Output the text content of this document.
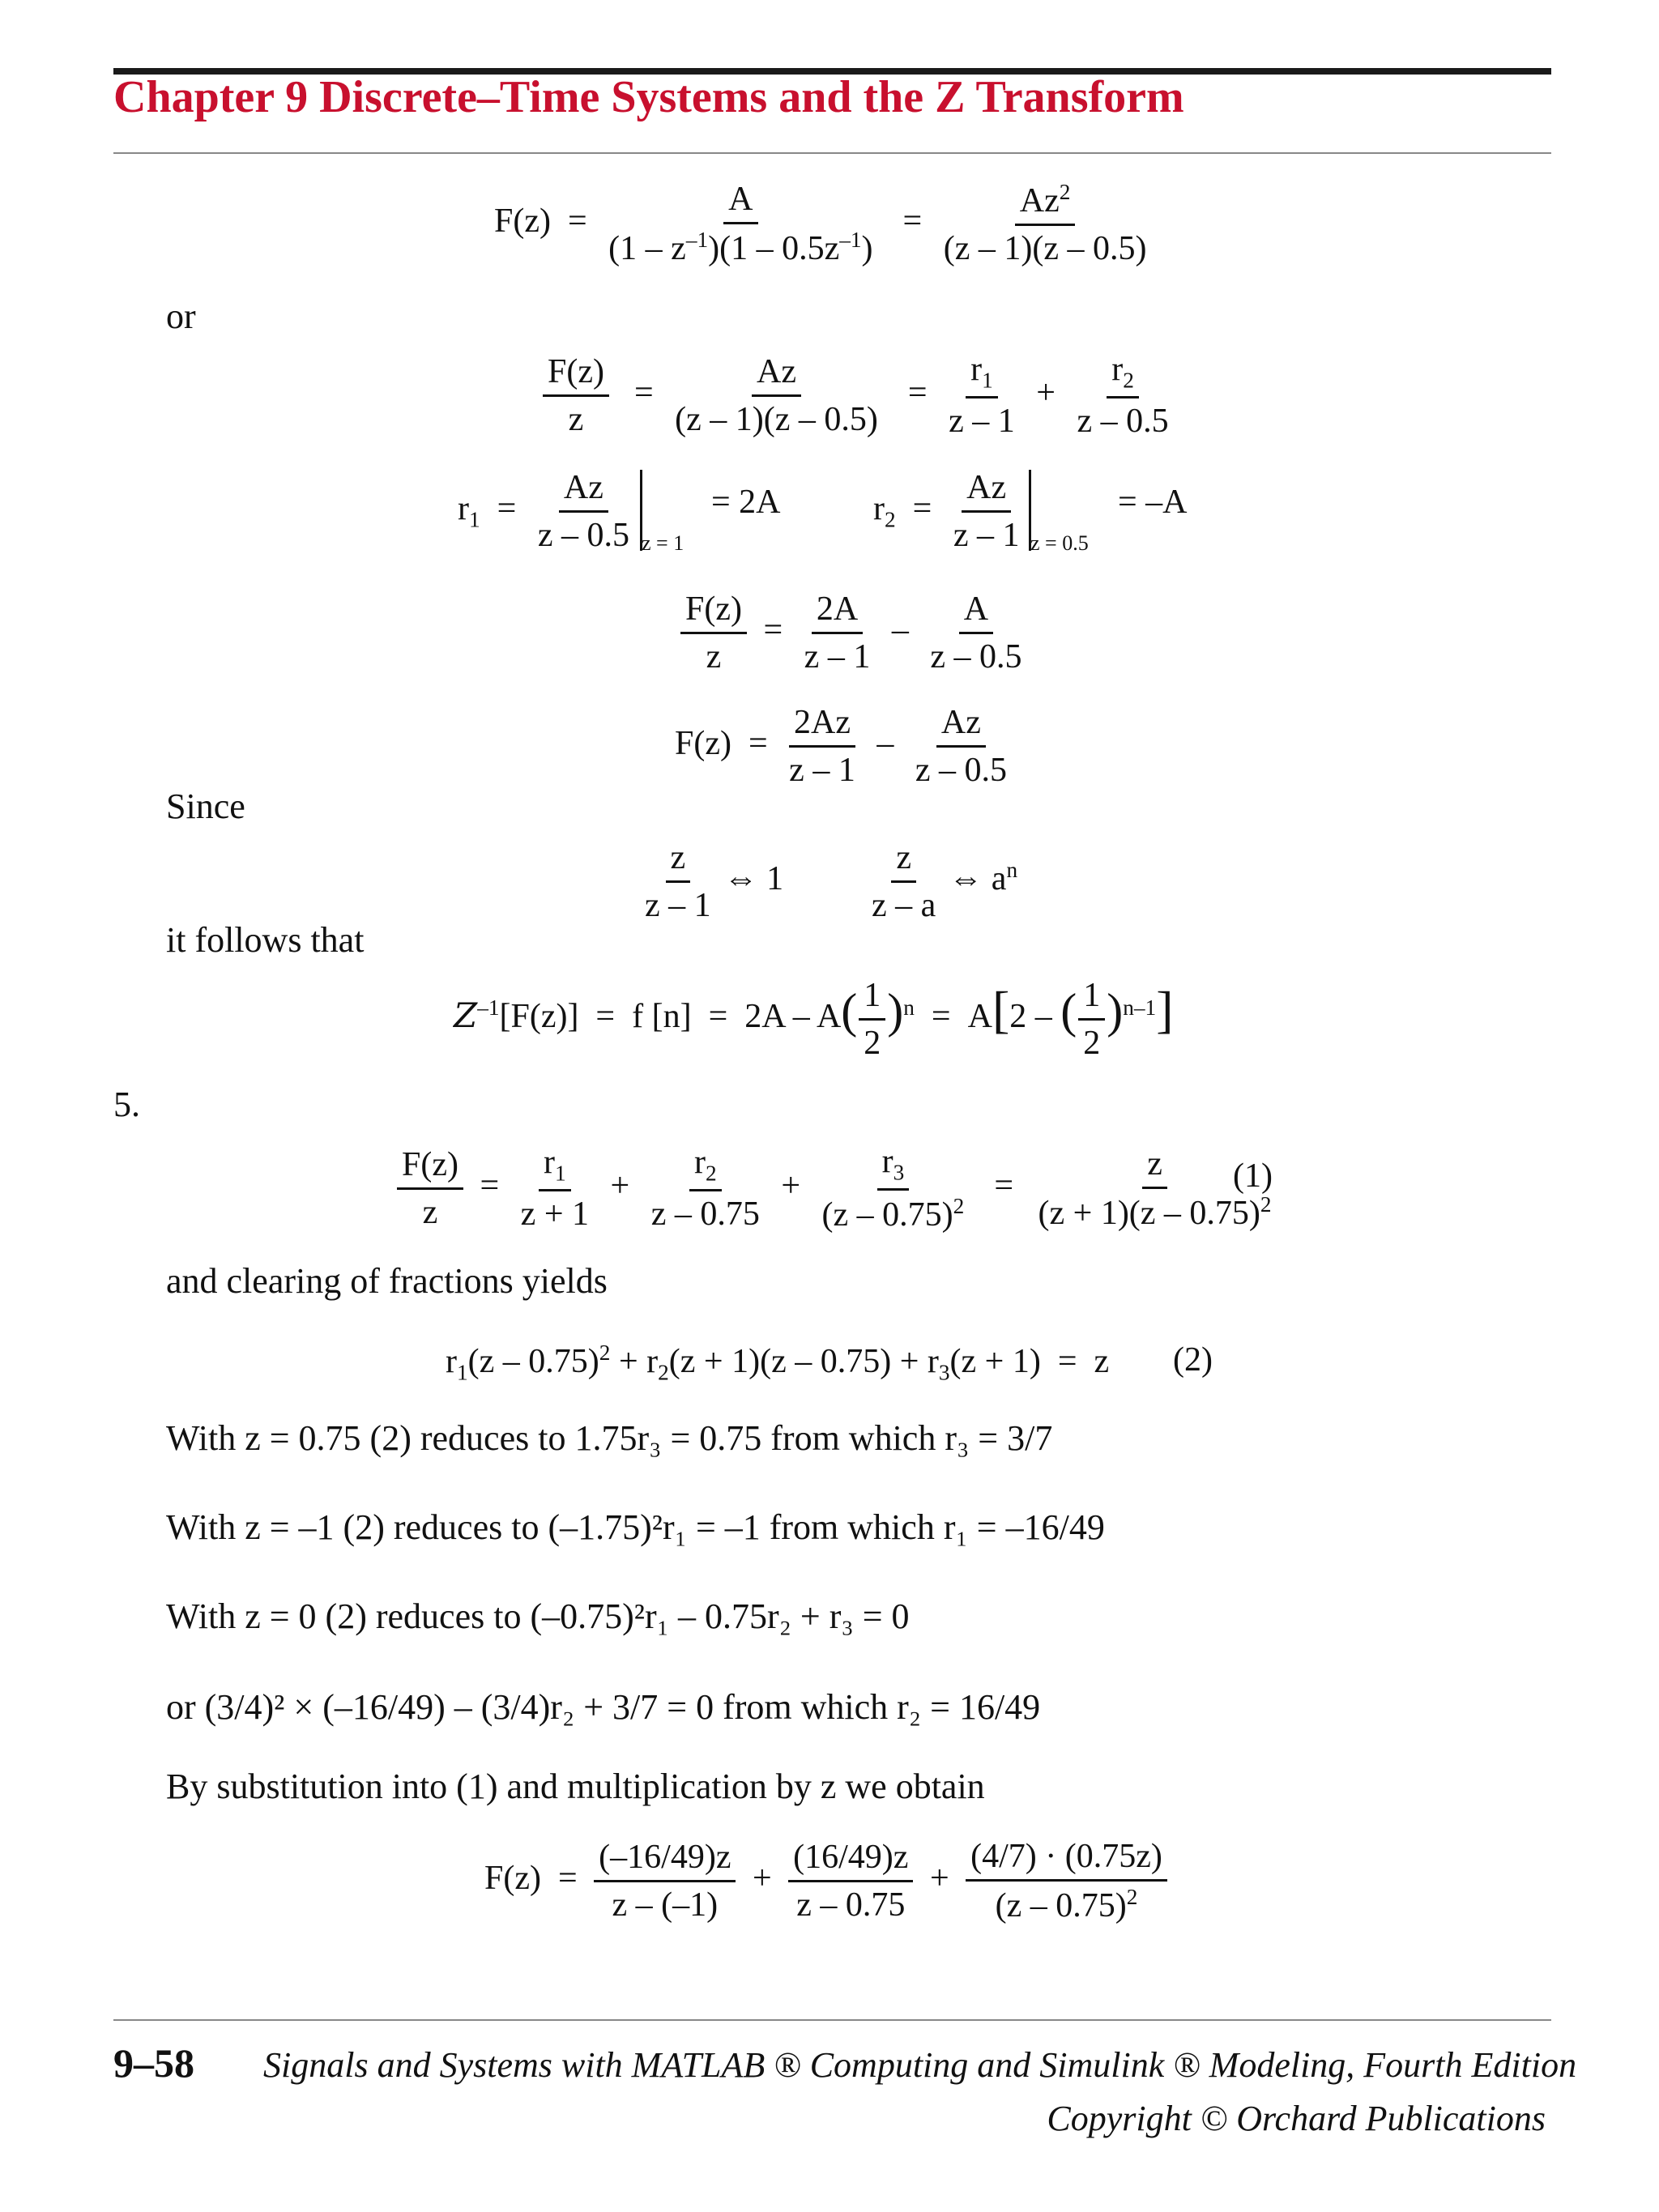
Chapter 9 Discrete–Time Systems and the Z Transform
$F(z) = \frac{A}{(1 - z^{-1})(1 - 0.5z^{-1})} = \frac{Az^2}{(z - 1)(z - 0.5)}$
or
$\frac{F(z)}{z} = \frac{Az}{(z - 1)(z - 0.5)} = \frac{r_1}{z - 1} + \frac{r_2}{z - 0.5}$
$r_1 = \frac{Az}{z - 0.5}$ z = 1
= 2A	$r_2 = \frac{Az}{z - 1}$ z = 0.5
= –A
$\frac{F(z)}{z} = \frac{2A}{z - 1} - \frac{A}{z - 0.5}$
$F(z) = \frac{2Az}{z - 1} - \frac{Az}{z - 0.5}$
Since
$\frac{z}{z - 1}$ ⇔ $1 \frac{z}{z - a}$ ⇔ $a^n$
it follows that
$Z^{-1}[F(z)] = f$ $[n] = 2A - A( \frac{1}{2} )^n = A[2$ – ( $\frac{1}{2} )^{n-1}$]
5.
$\frac{F(z)}{z} = \frac{r_1}{z + 1} + \frac{r_2}{z - 0.75} + \frac{r_3}{(z - 0.75)^2} = \frac{z}{(z + 1)(z - 0.75)^2}$
(1)
and clearing of fractions yields
$r_1(z - 0.75)^2 + r_2(z + 1)(z - 0.75) + r_3(z + 1) = z$ (2)
With z = 0.75 (2) reduces to 1.75r₃ = 0.75 from which r₃ = 3/7
With z = –1 (2) reduces to (–1.75)²r₁ = –1 from which r₁ = –16/49
With z = 0 (2) reduces to (–0.75)²r₁ – 0.75r₂ + r₃ = 0
or (3/4)² × (–16/49) – (3/4)r₂ + 3/7 = 0 from which r₂ = 16/49
By substitution into (1) and multiplication by z we obtain
$F(z) = \frac{(-16/49)z}{z - (-1)} + \frac{(16/49)z}{z - 0.75} + \frac{(4/7) \cdot (0.75z)}{(z - 0.75)^2}$
9–58 Signals and Systems with MATLAB ® Computing and Simulink ® Modeling, Fourth Edition
Copyright © Orchard Publications
